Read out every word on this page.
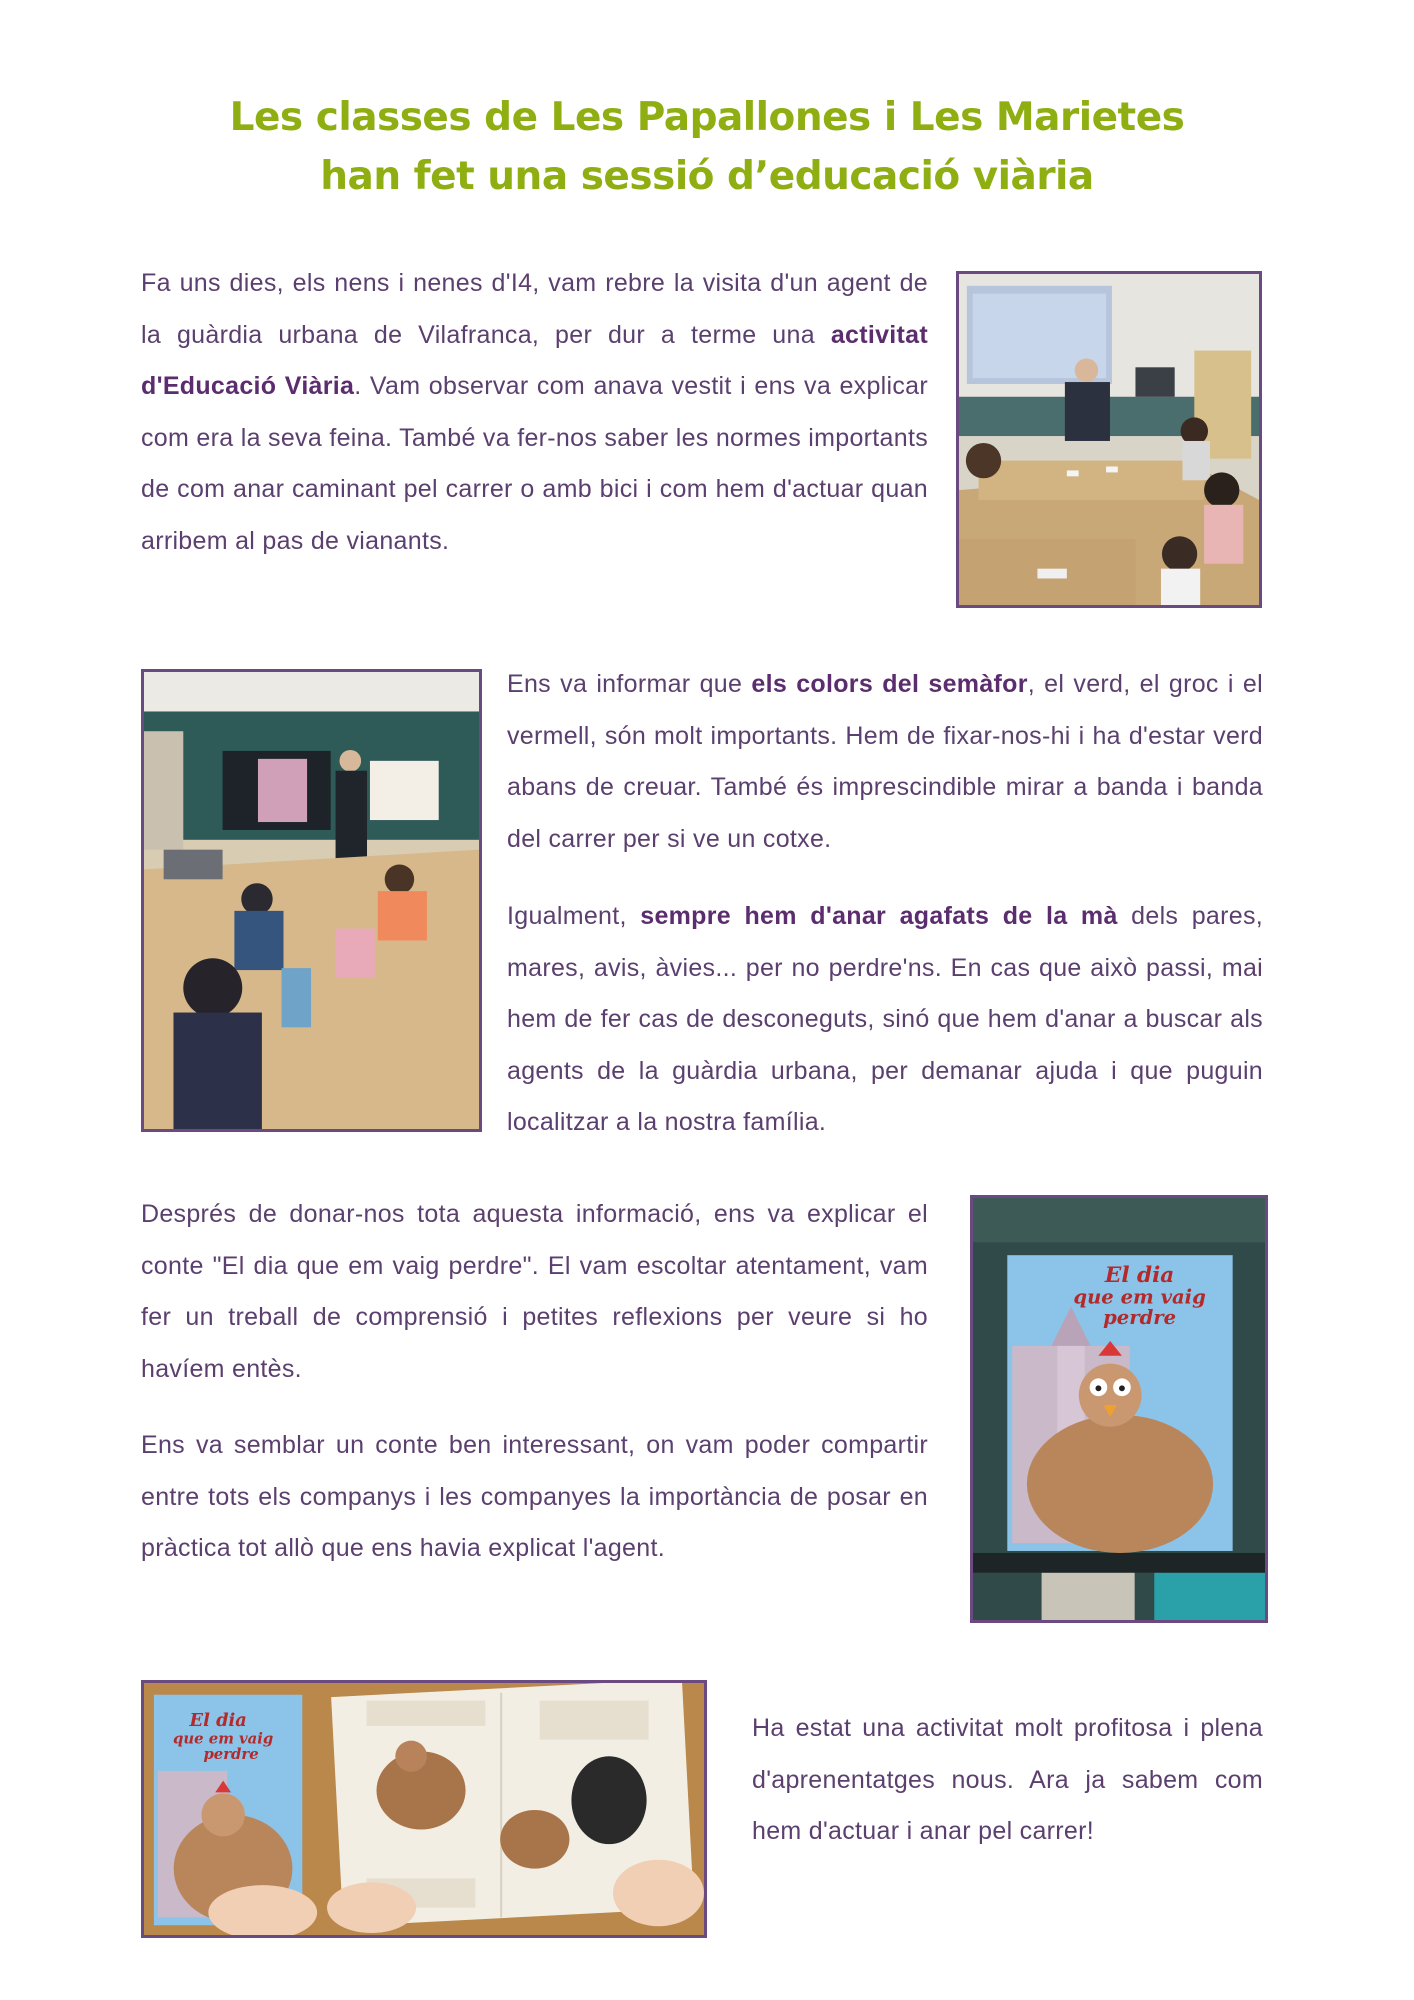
Les classes de Les Papallones i Les Marietes
han fet una sessió d’educació viària
Fa uns dies, els nens i nenes d'I4, vam rebre la visita d'un agent de la guàrdia urbana de Vilafranca, per dur a terme una activitat d'Educació Viària. Vam observar com anava vestit i ens va explicar com era la seva feina. També va fer-nos saber les normes importants de com anar caminant pel carrer o amb bici i com hem d'actuar quan arribem al pas de vianants.
Ens va informar que els colors del semàfor, el verd, el groc i el vermell, són molt importants. Hem de fixar-nos-hi i ha d'estar verd abans de creuar. També és imprescindible mirar a banda i banda del carrer per si ve un cotxe.
Igualment, sempre hem d'anar agafats de la mà dels pares, mares, avis, àvies... per no perdre'ns. En cas que això passi, mai hem de fer cas de desconeguts, sinó que hem d'anar a buscar als agents de la guàrdia urbana, per demanar ajuda i que puguin localitzar a la nostra família.
Després de donar-nos tota aquesta informació, ens va explicar el conte "El dia que em vaig perdre". El vam escoltar atentament, vam fer un treball de comprensió i petites reflexions per veure si ho havíem entès.
Ens va semblar un conte ben interessant, on vam poder compartir entre tots els companys i les companyes la importància de posar en pràctica tot allò que ens havia explicat l'agent.
El dia
que em vaig
perdre
El dia
que em vaig
perdre
Ha estat una activitat molt profitosa i plena d'aprenentatges nous. Ara ja sabem com hem d'actuar i anar pel carrer!
